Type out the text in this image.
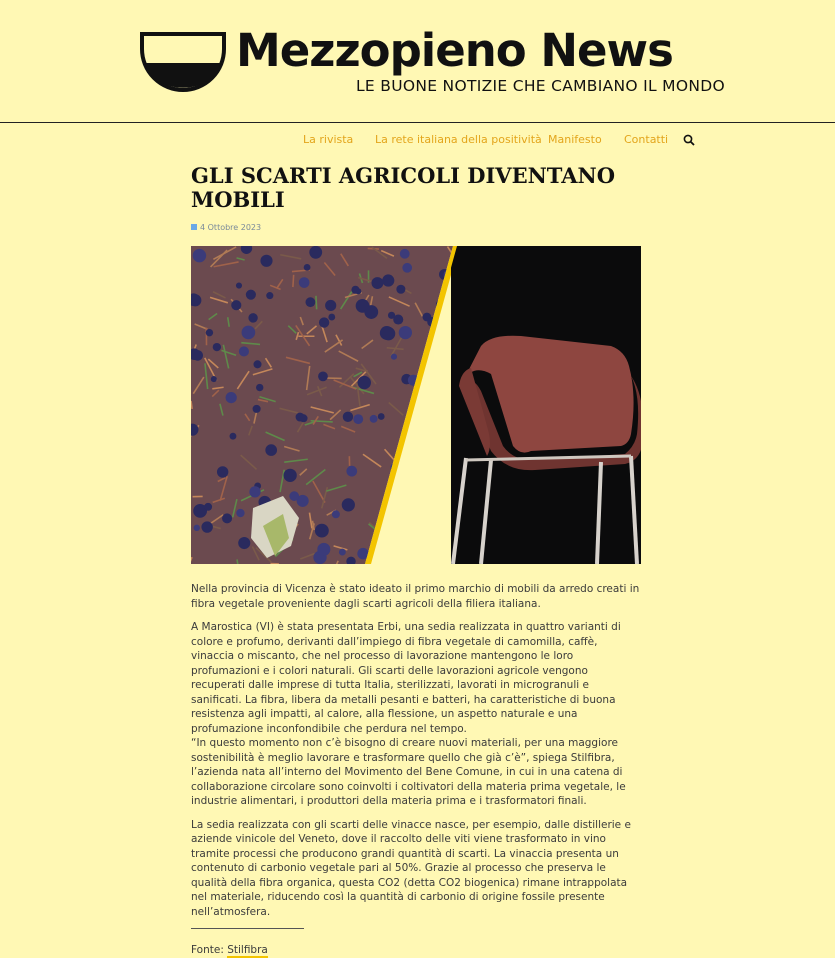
Mezzopieno News
LE BUONE NOTIZIE CHE CAMBIANO IL MONDO
La rivista La rete italiana della positività Manifesto Contatti
GLI SCARTI AGRICOLI DIVENTANO MOBILI
4 Ottobre 2023

Nella provincia di Vicenza è stato ideato il primo marchio di mobili da arredo creati in fibra vegetale proveniente dagli scarti agricoli della filiera italiana.

A Marostica (VI) è stata presentata Erbi, una sedia realizzata in quattro varianti di colore e profumo, derivanti dall’impiego di fibra vegetale di camomilla, caffè, vinaccia o miscanto, che nel processo di lavorazione mantengono le loro profumazioni e i colori naturali. Gli scarti delle lavorazioni agricole vengono recuperati dalle imprese di tutta Italia, sterilizzati, lavorati in microgranuli e sanificati. La fibra, libera da metalli pesanti e batteri, ha caratteristiche di buona resistenza agli impatti, al calore, alla flessione, un aspetto naturale e una profumazione inconfondibile che perdura nel tempo.
“In questo momento non c’è bisogno di creare nuovi materiali, per una maggiore sostenibilità è meglio lavorare e trasformare quello che già c’è”, spiega Stilfibra, l’azienda nata all’interno del Movimento del Bene Comune, in cui in una catena di collaborazione circolare sono coinvolti i coltivatori della materia prima vegetale, le industrie alimentari, i produttori della materia prima e i trasformatori finali.

La sedia realizzata con gli scarti delle vinacce nasce, per esempio, dalle distillerie e aziende vinicole del Veneto, dove il raccolto delle viti viene trasformato in vino tramite processi che producono grandi quantità di scarti. La vinaccia presenta un contenuto di carbonio vegetale pari al 50%. Grazie al processo che preserva le qualità della fibra organica, questa CO2 (detta CO2 biogenica) rimane intrappolata nel materiale, riducendo così la quantità di carbonio di origine fossile presente nell’atmosfera.

Fonte: Stilfibra
